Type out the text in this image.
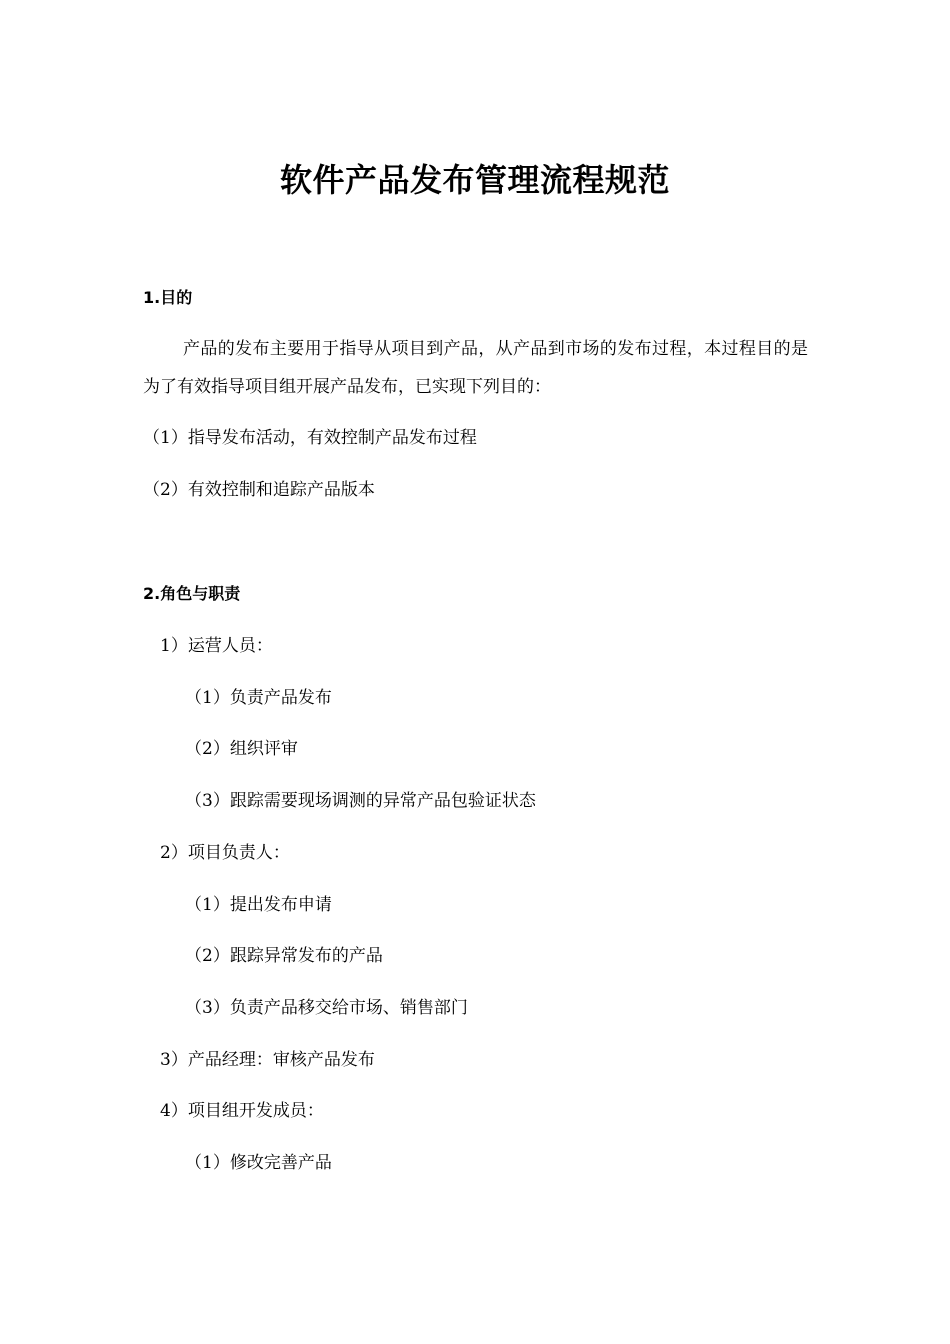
软件产品发布管理流程规范
1.目的
产品的发布主要用于指导从项目到产品，从产品到市场的发布过程，本过程目的是为了有效指导项目组开展产品发布，已实现下列目的：
（1）指导发布活动，有效控制产品发布过程
（2）有效控制和追踪产品版本
2.角色与职责
1）运营人员：
（1）负责产品发布
（2）组织评审
（3）跟踪需要现场调测的异常产品包验证状态
2）项目负责人：
（1）提出发布申请
（2）跟踪异常发布的产品
（3）负责产品移交给市场、销售部门
3）产品经理：审核产品发布
4）项目组开发成员：
（1）修改完善产品
